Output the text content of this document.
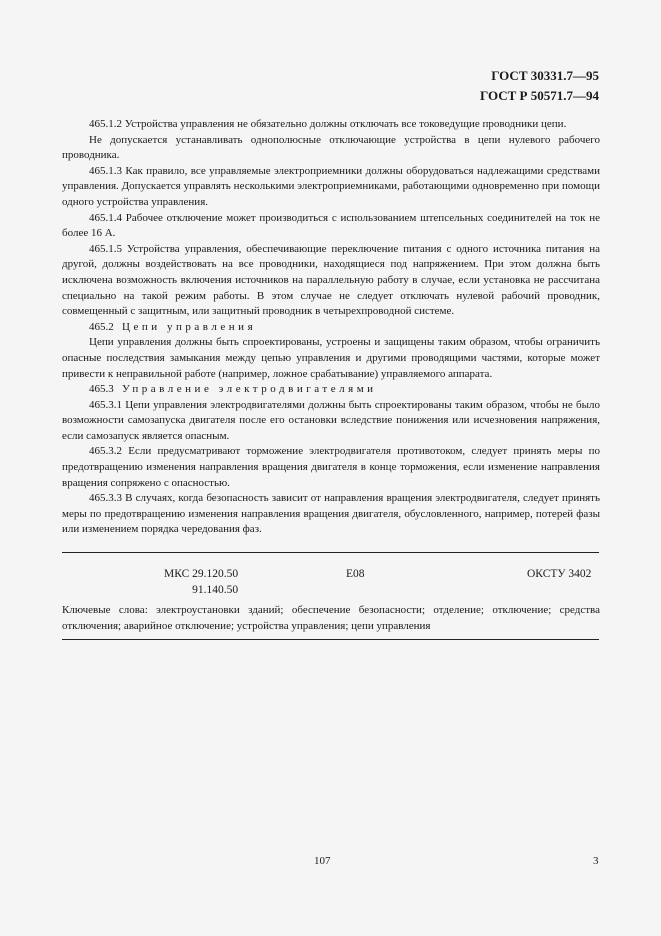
ГОСТ 30331.7—95
ГОСТ Р 50571.7—94

465.1.2 Устройства управления не обязательно должны отключать все токоведущие проводники цепи.

Не допускается устанавливать однополюсные отключающие устройства в цепи нулевого рабочего проводника.

465.1.3 Как правило, все управляемые электроприемники должны оборудоваться надлежащими средствами управления. Допускается управлять несколькими электроприемниками, работающими одновременно при помощи одного устройства управления.

465.1.4 Рабочее отключение может производиться с использованием штепсельных соединителей на ток не более 16 А.

465.1.5 Устройства управления, обеспечивающие переключение питания с одного источника питания на другой, должны воздействовать на все проводники, находящиеся под напряжением. При этом должна быть исключена возможность включения источников на параллельную работу в случае, если установка не рассчитана специально на такой режим работы. В этом случае не следует отключать нулевой рабочий проводник, совмещенный с защитным, или защитный проводник в четырехпроводной системе.

465.2 Цепи управления

Цепи управления должны быть спроектированы, устроены и защищены таким образом, чтобы ограничить опасные последствия замыкания между цепью управления и другими проводящими частями, которые может привести к неправильной работе (например, ложное срабатывание) управляемого аппарата.

465.3 Управление электродвигателями

465.3.1 Цепи управления электродвигателями должны быть спроектированы таким образом, чтобы не было возможности самозапуска двигателя после его остановки вследствие понижения или исчезновения напряжения, если самозапуск является опасным.

465.3.2 Если предусматривают торможение электродвигателя противотоком, следует принять меры по предотвращению изменения направления вращения двигателя в конце торможения, если изменение направления вращения сопряжено с опасностью.

465.3.3 В случаях, когда безопасность зависит от направления вращения электродвигателя, следует принять меры по предотвращению изменения направления вращения двигателя, обусловленного, например, потерей фазы или изменением порядка чередования фаз.

МКС 29.120.50
91.140.50
Е08	ОКСТУ 3402
Ключевые слова: электроустановки зданий; обеспечение безопасности; отделение; отключение; средства отключения; аварийное отключение; устройства управления; цепи управления
107	3
